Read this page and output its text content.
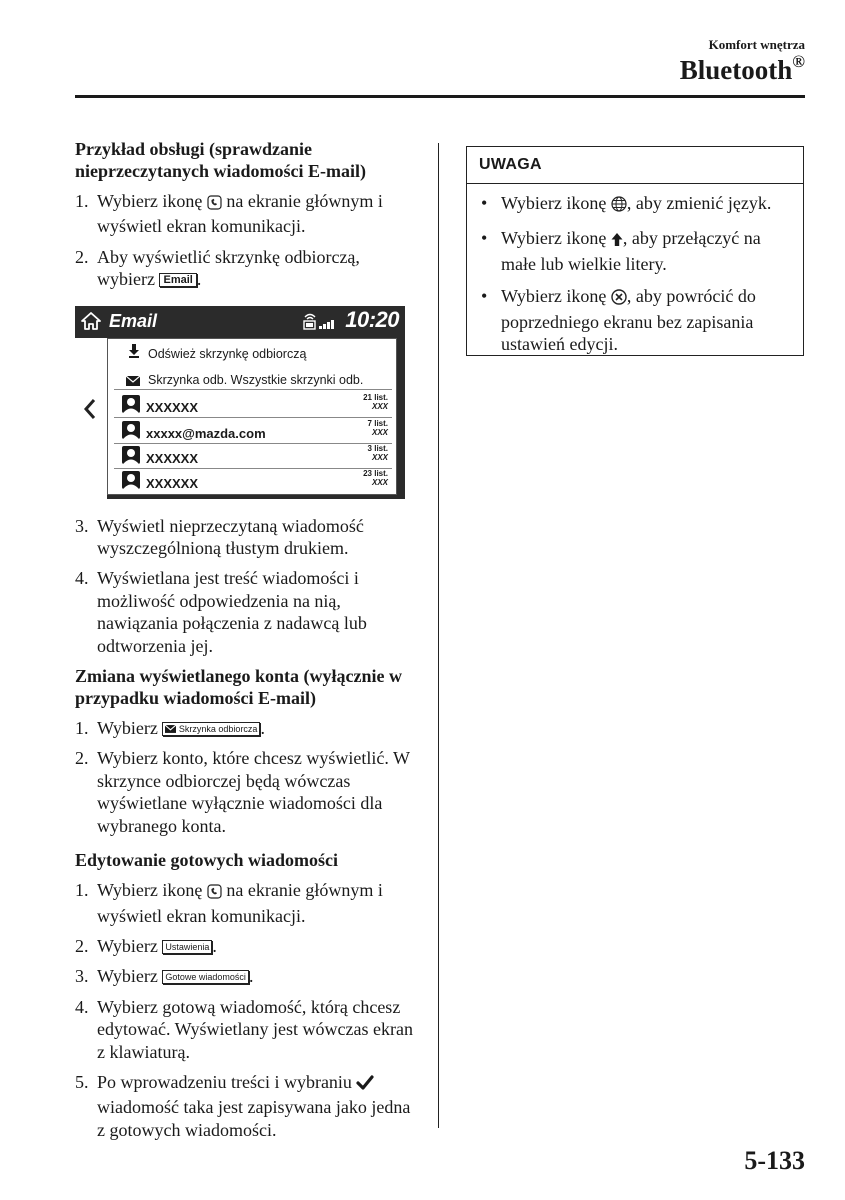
Komfort wnętrza
Bluetooth®
Przykład obsługi (sprawdzanie nieprzeczytanych wiadomości E-mail)
1. Wybierz ikonę na ekranie głównym i wyświetl ekran komunikacji.
2. Aby wyświetlić skrzynkę odbiorczą, wybierz Email .
Email	10:20
Odśwież skrzynkę odbiorczą
Skrzynka odb. Wszystkie skrzynki odb.
XXXXXX
21 list.
XXX
xxxxx@mazda.com
7 list.
XXX
XXXXXX
3 list.
XXX
XXXXXX
23 list.
XXX
3. Wyświetl nieprzeczytaną wiadomość wyszczególnioną tłustym drukiem.
4. Wyświetlana jest treść wiadomości i możliwość odpowiedzenia na nią, nawiązania połączenia z nadawcą lub odtworzenia jej.
Zmiana wyświetlanego konta (wyłącznie w przypadku wiadomości E-mail)
1. Wybierz Skrzynka odbiorcza .
2. Wybierz konto, które chcesz wyświetlić. W skrzynce odbiorczej będą wówczas wyświetlane wyłącznie wiadomości dla wybranego konta.
Edytowanie gotowych wiadomości
1. Wybierz ikonę na ekranie głównym i wyświetl ekran komunikacji.
2. Wybierz Ustawienia .
3. Wybierz Gotowe wiadomości .
4. Wybierz gotową wiadomość, którą chcesz edytować. Wyświetlany jest wówczas ekran z klawiaturą.
5. Po wprowadzeniu treści i wybraniu  wiadomość taka jest zapisywana jako jedna z gotowych wiadomości.
UWAGA
• Wybierz ikonę , aby zmienić język.
• Wybierz ikonę , aby przełączyć na małe lub wielkie litery.
• Wybierz ikonę , aby powrócić do poprzedniego ekranu bez zapisania ustawień edycji.
5-133
